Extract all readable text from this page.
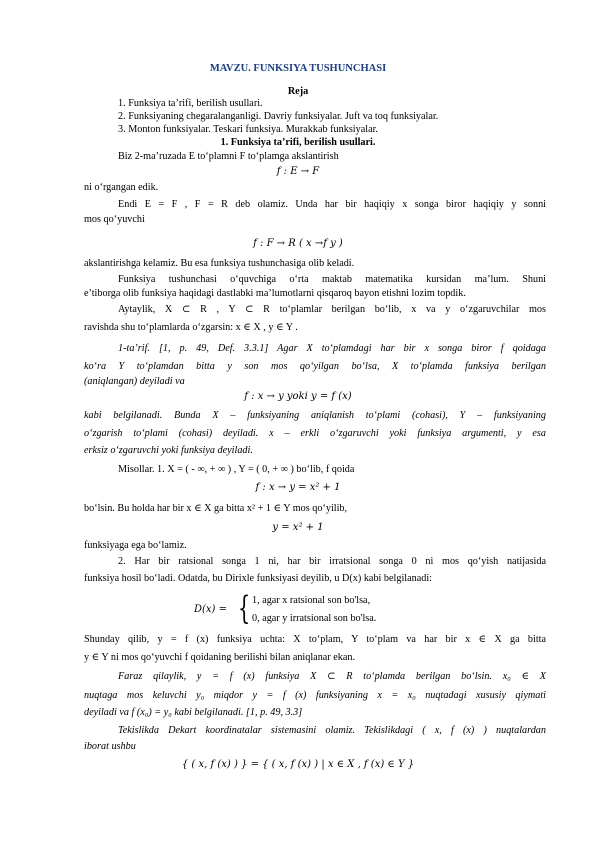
MAVZU. FUNKSIYA TUSHUNCHASI
Reja
1. Funksiya ta’rifi, berilish usullari.
2. Funksiyaning chegaralanganligi. Davriy funksiyalar. Juft va toq funksiyalar.
3. Monton funksiyalar. Teskari funksiya. Murakkab funksiyalar.
1. Funksiya ta’rifi, berilish usullari.
Biz 2-ma’ruzada E to‘plamni F to‘plamga akslantirish
f : E → F
ni o‘rgangan edik.
Endi E = F , F = R deb olamiz. Unda har bir haqiqiy x songa biror haqiqiy y sonni
mos qo‘yuvchi
f : F → R ( x →f y )
akslantirishga kelamiz. Bu esa funksiya tushunchasiga olib keladi.
Funksiya tushunchasi o‘quvchiga o‘rta maktab matematika kursidan ma’lum. Shuni
e’tiborga olib funksiya haqidagi dastlabki ma’lumotlarni qisqaroq bayon etishni lozim topdik.
Aytaylik, X ⊂ R , Y ⊂ R to‘plamlar berilgan bo‘lib, x va y o‘zgaruvchilar mos
ravishda shu to‘plamlarda o‘zgarsin: x ∈ X , y ∈ Y .
1-ta’rif. [1, p. 49, Def. 3.3.1] Agar X to‘plamdagi har bir x songa biror f qoidaga
ko‘ra Y to‘plamdan bitta y son mos qo‘yilgan bo‘lsa, X to‘plamda funksiya berilgan
(aniqlangan) deyiladi va
f : x → y yoki y = f (x)
kabi belgilanadi. Bunda X – funksiyaning aniqlanish to‘plami (cohasi), Y – funksiyaning
o‘zgarish to‘plami (cohasi) deyiladi. x – erkli o‘zgaruvchi yoki funksiya argumenti, y esa
erksiz o‘zgaruvchi yoki funksiya deyiladi.
Misollar. 1. X = ( - ∞, + ∞ ) , Y = ( 0, + ∞ ) bo‘lib, f qoida
f : x → y = x² + 1
bo‘lsin. Bu holda har bir x ∈ X ga bitta x² + 1 ∈ Y mos qo‘yilib,
y = x² + 1
funksiyaga ega bo‘lamiz.
2. Har bir ratsional songa 1 ni, har bir irratsional songa 0 ni mos qo‘yish natijasida
funksiya hosil bo‘ladi. Odatda, bu Dirixle funksiyasi deyilib, u D(x) kabi belgilanadi:
D(x) = { 1, agar x ratsional son bo'lsa,
0, agar y irratsional son bo'lsa.
Shunday qilib, y = f (x) funksiya uchta: X to‘plam, Y to‘plam va har bir x ∈ X ga bitta
y ∈ Y ni mos qo‘yuvchi f qoidaning berilishi bilan aniqlanar ekan.
Faraz qilaylik, y = f (x) funksiya X ⊂ R to‘plamda berilgan bo‘lsin. x₀ ∈ X
nuqtaga mos keluvchi y₀ miqdor y = f (x) funksiyaning x = x₀ nuqtadagi xususiy qiymati
deyiladi va f (x₀) = y₀ kabi belgilanadi. [1, p. 49, 3.3]
Tekislikda Dekart koordinatalar sistemasini olamiz. Tekislikdagi ( x, f (x) ) nuqtalardan
iborat ushbu
{ ( x, f (x) ) } = { ( x, f (x) ) | x ∈ X , f (x) ∈ Y }
